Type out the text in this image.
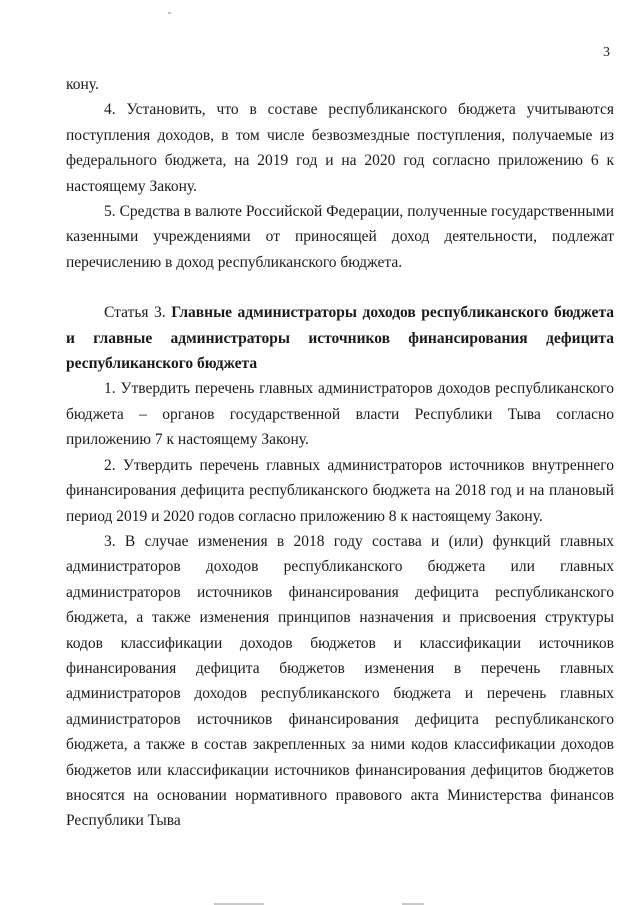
3

кону.

4. Установить, что в составе республиканского бюджета учитываются поступления доходов, в том числе безвозмездные поступления, получаемые из федерального бюджета, на 2019 год и на 2020 год согласно приложению 6 к настоящему Закону.

5. Средства в валюте Российской Федерации, полученные государственными казенными учреждениями от приносящей доход деятельности, подлежат перечислению в доход республиканского бюджета.

Статья 3. Главные администраторы доходов республиканского бюджета и главные администраторы источников финансирования дефицита республиканского бюджета

1. Утвердить перечень главных администраторов доходов республиканского бюджета – органов государственной власти Республики Тыва согласно приложению 7 к настоящему Закону.

2. Утвердить перечень главных администраторов источников внутреннего финансирования дефицита республиканского бюджета на 2018 год и на плановый период 2019 и 2020 годов согласно приложению 8 к настоящему Закону.

3. В случае изменения в 2018 году состава и (или) функций главных администраторов доходов республиканского бюджета или главных администраторов источников финансирования дефицита республиканского бюджета, а также изменения принципов назначения и присвоения структуры кодов классификации доходов бюджетов и классификации источников финансирования дефицита бюджетов изменения в перечень главных администраторов доходов республиканского бюджета и перечень главных администраторов источников финансирования дефицита республиканского бюджета, а также в состав закрепленных за ними кодов классификации доходов бюджетов или классификации источников финансирования дефицитов бюджетов вносятся на основании нормативного правового акта Министерства финансов Республики Тыва
